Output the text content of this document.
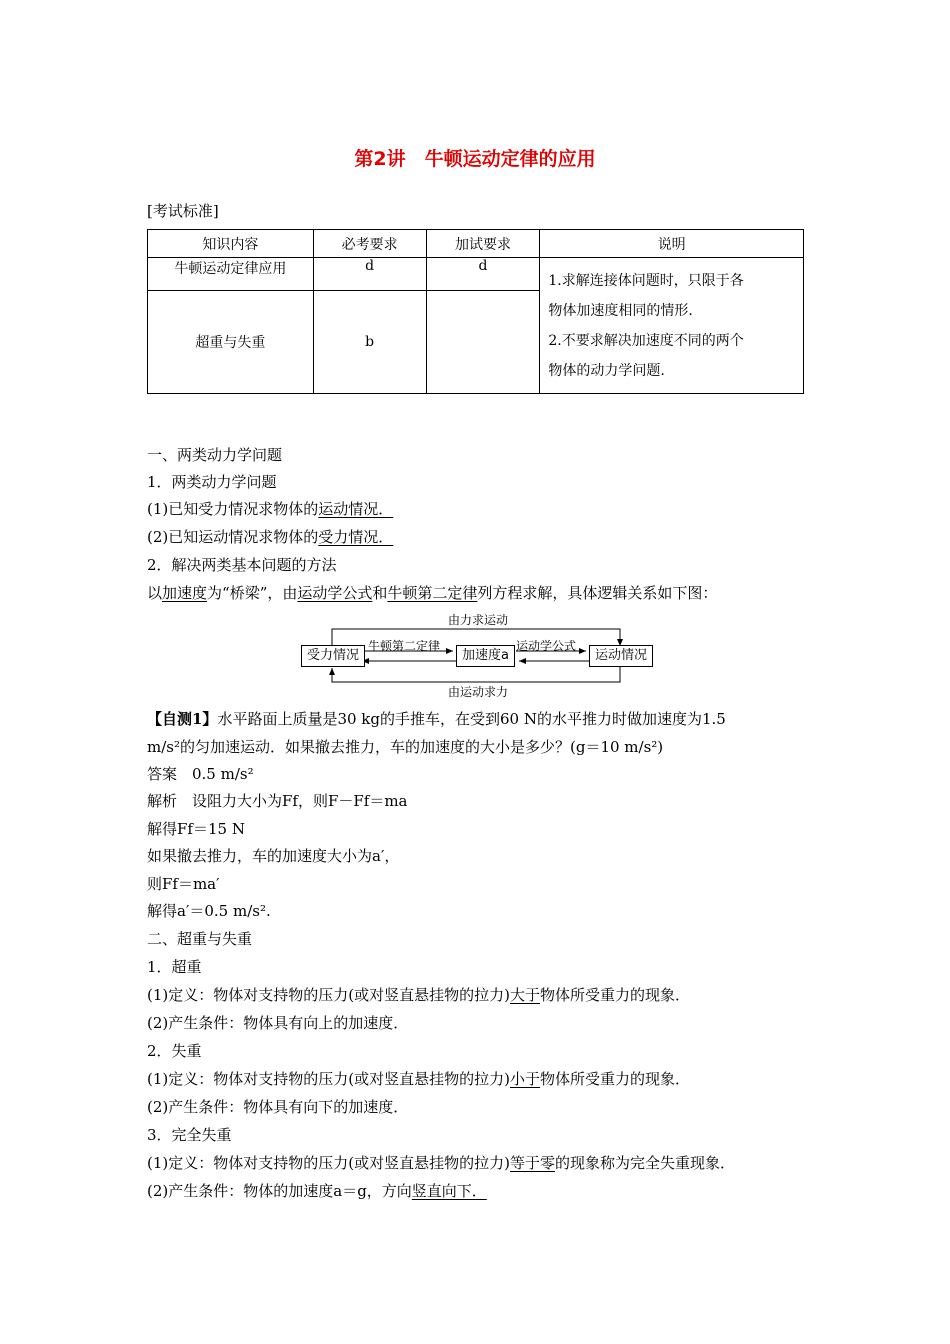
第2讲　牛顿运动定律的应用
[考试标准]
知识内容	必考要求	加试要求	说明
牛顿运动定律应用	d	d	1.求解连接体问题时，只限于各
物体加速度相同的情形.
2.不要求解决加速度不同的两个
物体的动力学问题.

超重与失重	b		
一、两类动力学问题
1．两类动力学问题
(1)已知受力情况求物体的运动情况．
(2)已知运动情况求物体的受力情况．
2．解决两类基本问题的方法
以加速度为“桥梁”，由运动学公式和牛顿第二定律列方程求解，具体逻辑关系如下图：
由力求运动
由运动求力
受力情况	加速度a	运动情况
牛顿第二定律	运动学公式
【自测1】水平路面上质量是30 kg的手推车，在受到60 N的水平推力时做加速度为1.5
m/s²的匀加速运动．如果撤去推力，车的加速度的大小是多少？(g＝10 m/s²)
答案　0.5 m/s²
解析　设阻力大小为Ff，则F－Ff＝ma
解得Ff＝15 N
如果撤去推力，车的加速度大小为a′，
则Ff＝ma′
解得a′＝0.5 m/s².
二、超重与失重
1．超重
(1)定义：物体对支持物的压力(或对竖直悬挂物的拉力)大于物体所受重力的现象．
(2)产生条件：物体具有向上的加速度．
2．失重
(1)定义：物体对支持物的压力(或对竖直悬挂物的拉力)小于物体所受重力的现象．
(2)产生条件：物体具有向下的加速度．
3．完全失重
(1)定义：物体对支持物的压力(或对竖直悬挂物的拉力)等于零的现象称为完全失重现象．
(2)产生条件：物体的加速度a＝g，方向竖直向下．
